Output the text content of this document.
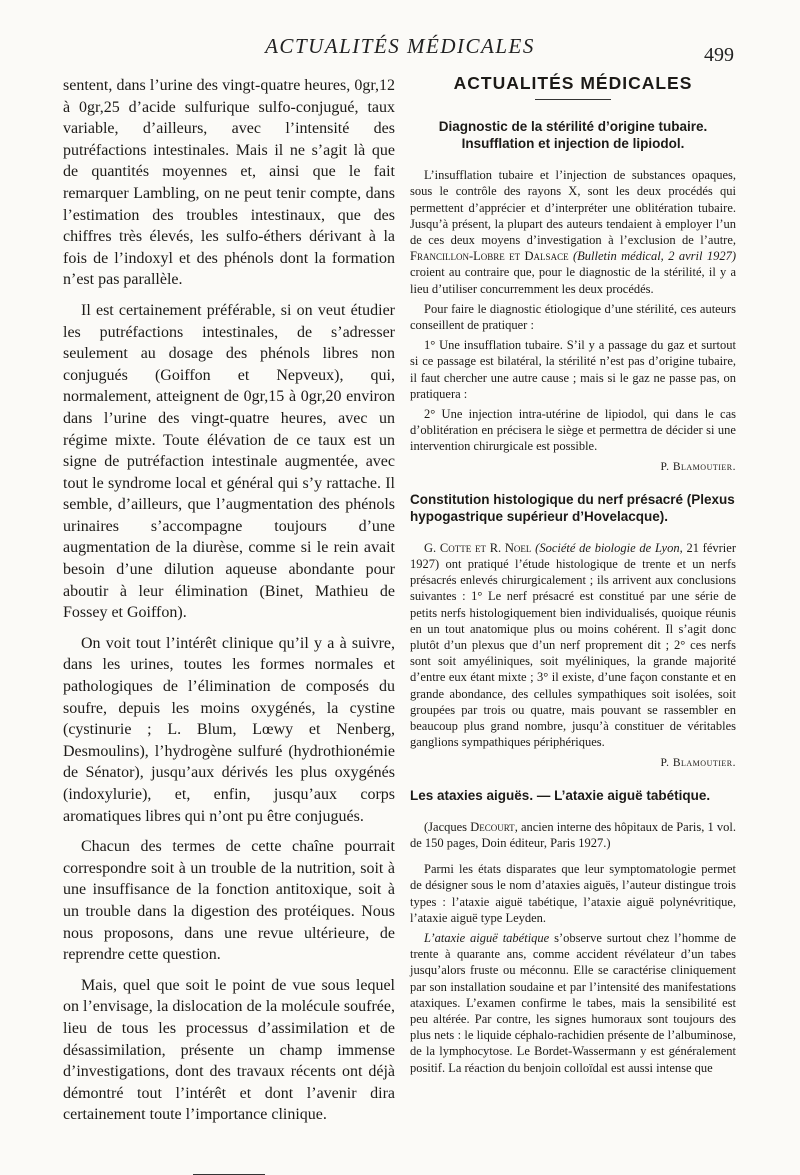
ACTUALITÉS MÉDICALES	499

sentent, dans l’urine des vingt-quatre heures, 0gr,12 à 0gr,25 d’acide sulfurique sulfo-conjugué, taux variable, d’ailleurs, avec l’intensité des putréfactions intestinales. Mais il ne s’agit là que de quantités moyennes et, ainsi que le fait remarquer Lambling, on ne peut tenir compte, dans l’estimation des troubles intestinaux, que des chiffres très élevés, les sulfo-éthers dérivant à la fois de l’indoxyl et des phénols dont la formation n’est pas parallèle.

Il est certainement préférable, si on veut étudier les putréfactions intestinales, de s’adresser seulement au dosage des phénols libres non conjugués (Goiffon et Nepveux), qui, normalement, atteignent de 0gr,15 à 0gr,20 environ dans l’urine des vingt-quatre heures, avec un régime mixte. Toute élévation de ce taux est un signe de putréfaction intestinale augmentée, avec tout le syndrome local et général qui s’y rattache. Il semble, d’ailleurs, que l’augmentation des phénols urinaires s’accompagne toujours d’une augmentation de la diurèse, comme si le rein avait besoin d’une dilution aqueuse abondante pour aboutir à leur élimination (Binet, Mathieu de Fossey et Goiffon).

On voit tout l’intérêt clinique qu’il y a à suivre, dans les urines, toutes les formes normales et pathologiques de l’élimination de composés du soufre, depuis les moins oxygénés, la cystine (cystinurie ; L. Blum, Lœwy et Nenberg, Desmoulins), l’hydrogène sulfuré (hydrothionémie de Sénator), jusqu’aux dérivés les plus oxygénés (indoxylurie), et, enfin, jusqu’aux corps aromatiques libres qui n’ont pu être conjugués.

Chacun des termes de cette chaîne pourrait correspondre soit à un trouble de la nutrition, soit à une insuffisance de la fonction antitoxique, soit à un trouble dans la digestion des protéiques. Nous nous proposons, dans une revue ultérieure, de reprendre cette question.

Mais, quel que soit le point de vue sous lequel on l’envisage, la dislocation de la molécule soufrée, lieu de tous les processus d’assimilation et de désassimilation, présente un champ immense d’investigations, dont des travaux récents ont déjà démontré tout l’intérêt et dont l’avenir dira certainement toute l’importance clinique.

ACTUALITÉS MÉDICALES
Diagnostic de la stérilité d’origine tubaire. Insufflation et injection de lipiodol.

L’insufflation tubaire et l’injection de substances opaques, sous le contrôle des rayons X, sont les deux procédés qui permettent d’apprécier et d’interpréter une oblitération tubaire. Jusqu’à présent, la plupart des auteurs tendaient à employer l’un de ces deux moyens d’investigation à l’exclusion de l’autre, Francillon-Lobre et Dalsace (Bulletin médical, 2 avril 1927) croient au contraire que, pour le diagnostic de la stérilité, il y a lieu d’utiliser concurremment les deux procédés.

Pour faire le diagnostic étiologique d’une stérilité, ces auteurs conseillent de pratiquer :

1° Une insufflation tubaire. S’il y a passage du gaz et surtout si ce passage est bilatéral, la stérilité n’est pas d’origine tubaire, il faut chercher une autre cause ; mais si le gaz ne passe pas, on pratiquera :

2° Une injection intra-utérine de lipiodol, qui dans le cas d’oblitération en précisera le siège et permettra de décider si une intervention chirurgicale est possible.

P. Blamoutier.
Constitution histologique du nerf présacré (Plexus hypogastrique supérieur d’Hovelacque).

G. Cotte et R. Noel (Société de biologie de Lyon, 21 février 1927) ont pratiqué l’étude histologique de trente et un nerfs présacrés enlevés chirurgicalement ; ils arrivent aux conclusions suivantes : 1° Le nerf présacré est constitué par une série de petits nerfs histologiquement bien individualisés, quoique réunis en un tout anatomique plus ou moins cohérent. Il s’agit donc plutôt d’un plexus que d’un nerf proprement dit ; 2° ces nerfs sont soit amyéliniques, soit myéliniques, la grande majorité d’entre eux étant mixte ; 3° il existe, d’une façon constante et en grande abondance, des cellules sympathiques soit isolées, soit groupées par trois ou quatre, mais pouvant se rassembler en beaucoup plus grand nombre, jusqu’à constituer de véritables ganglions sympathiques périphériques.

P. Blamoutier.
Les ataxies aiguës. — L’ataxie aiguë tabétique.

(Jacques Decourt, ancien interne des hôpitaux de Paris, 1 vol. de 150 pages, Doin éditeur, Paris 1927.)

Parmi les états disparates que leur symptomatologie permet de désigner sous le nom d’ataxies aiguës, l’auteur distingue trois types : l’ataxie aiguë tabétique, l’ataxie aiguë polynévritique, l’ataxie aiguë type Leyden.

L’ataxie aiguë tabétique s’observe surtout chez l’homme de trente à quarante ans, comme accident révélateur d’un tabes jusqu’alors fruste ou méconnu. Elle se caractérise cliniquement par son installation soudaine et par l’intensité des manifestations ataxiques. L’examen confirme le tabes, mais la sensibilité est peu altérée. Par contre, les signes humoraux sont toujours des plus nets : le liquide céphalo-rachidien présente de l’albuminose, de la lymphocytose. Le Bordet-Wassermann y est généralement positif. La réaction du benjoin colloïdal est aussi intense que
